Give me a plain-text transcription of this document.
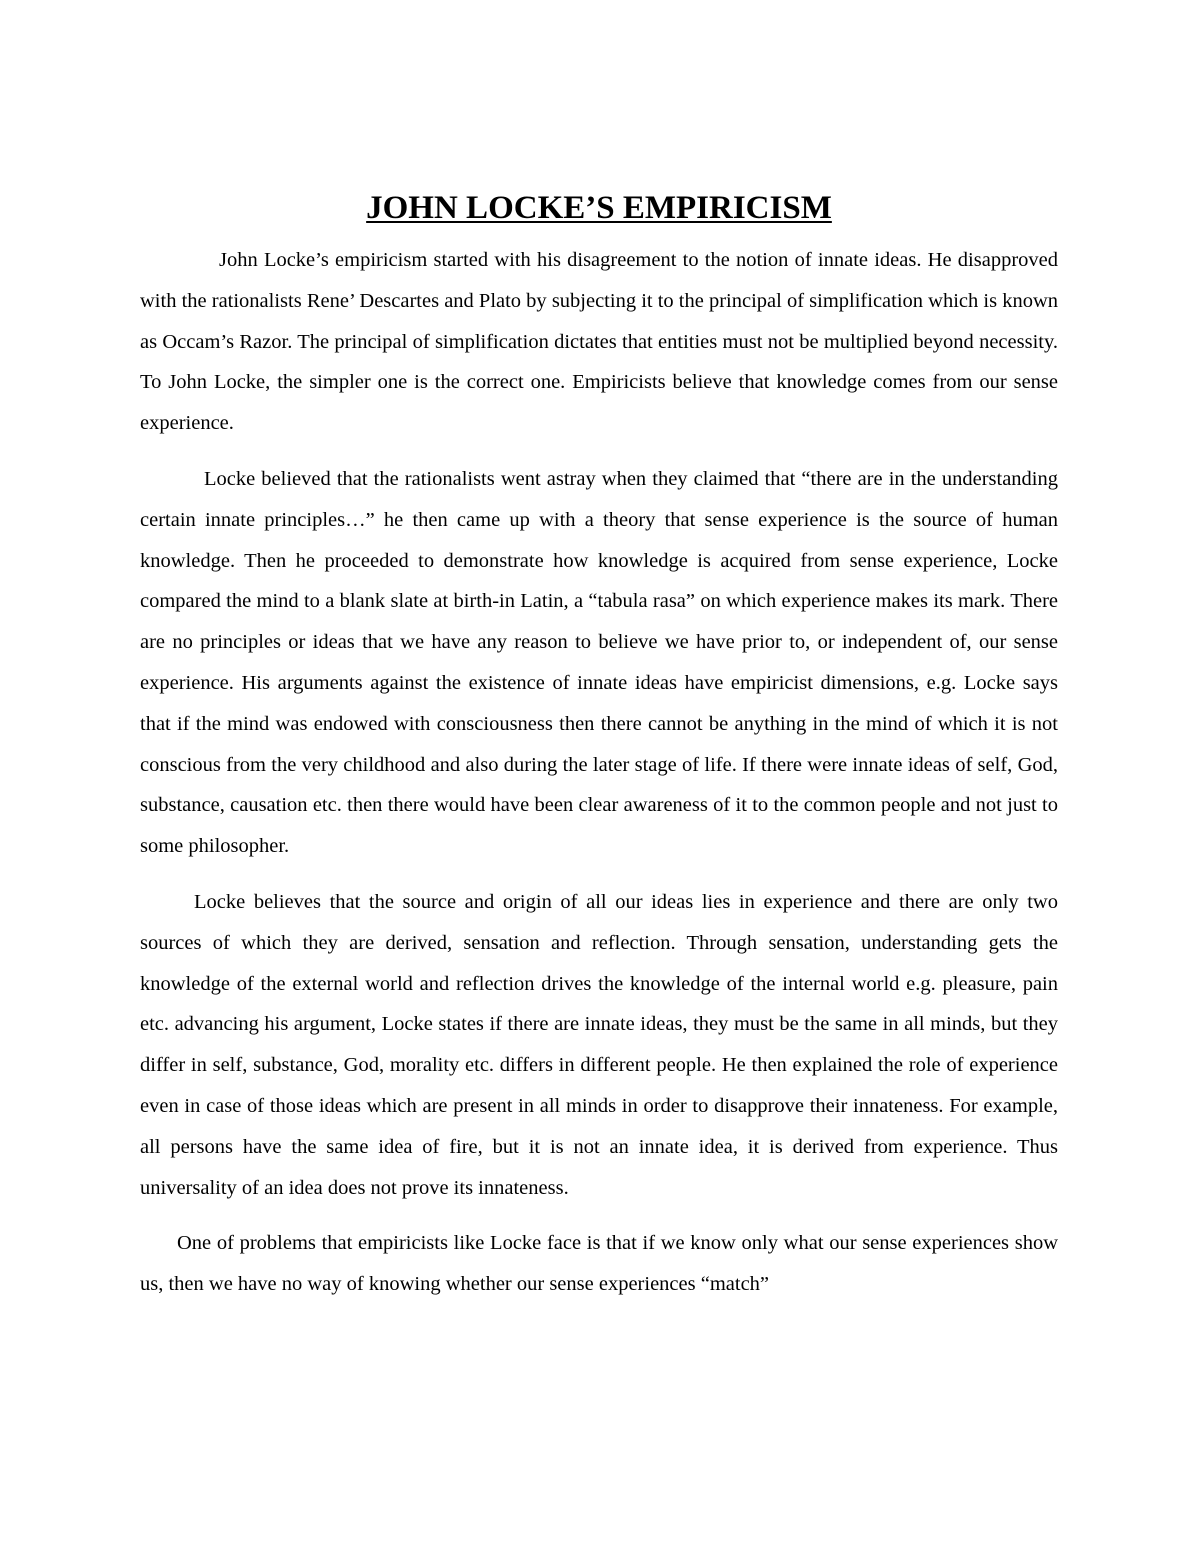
JOHN LOCKE’S EMPIRICISM

John Locke’s empiricism started with his disagreement to the notion of innate ideas. He disapproved with the rationalists Rene’ Descartes and Plato by subjecting it to the principal of simplification which is known as Occam’s Razor. The principal of simplification dictates that entities must not be multiplied beyond necessity. To John Locke, the simpler one is the correct one. Empiricists believe that knowledge comes from our sense experience.

Locke believed that the rationalists went astray when they claimed that “there are in the understanding certain innate principles…” he then came up with a theory that sense experience is the source of human knowledge. Then he proceeded to demonstrate how knowledge is acquired from sense experience, Locke compared the mind to a blank slate at birth-in Latin, a “tabula rasa” on which experience makes its mark. There are no principles or ideas that we have any reason to believe we have prior to, or independent of, our sense experience. His arguments against the existence of innate ideas have empiricist dimensions, e.g. Locke says that if the mind was endowed with consciousness then there cannot be anything in the mind of which it is not conscious from the very childhood and also during the later stage of life. If there were innate ideas of self, God, substance, causation etc. then there would have been clear awareness of it to the common people and not just to some philosopher.

Locke believes that the source and origin of all our ideas lies in experience and there are only two sources of which they are derived, sensation and reflection. Through sensation, understanding gets the knowledge of the external world and reflection drives the knowledge of the internal world e.g. pleasure, pain etc. advancing his argument, Locke states if there are innate ideas, they must be the same in all minds, but they differ in self, substance, God, morality etc. differs in different people. He then explained the role of experience even in case of those ideas which are present in all minds in order to disapprove their innateness. For example, all persons have the same idea of fire, but it is not an innate idea, it is derived from experience. Thus universality of an idea does not prove its innateness.

One of problems that empiricists like Locke face is that if we know only what our sense experiences show us, then we have no way of knowing whether our sense experiences “match”
